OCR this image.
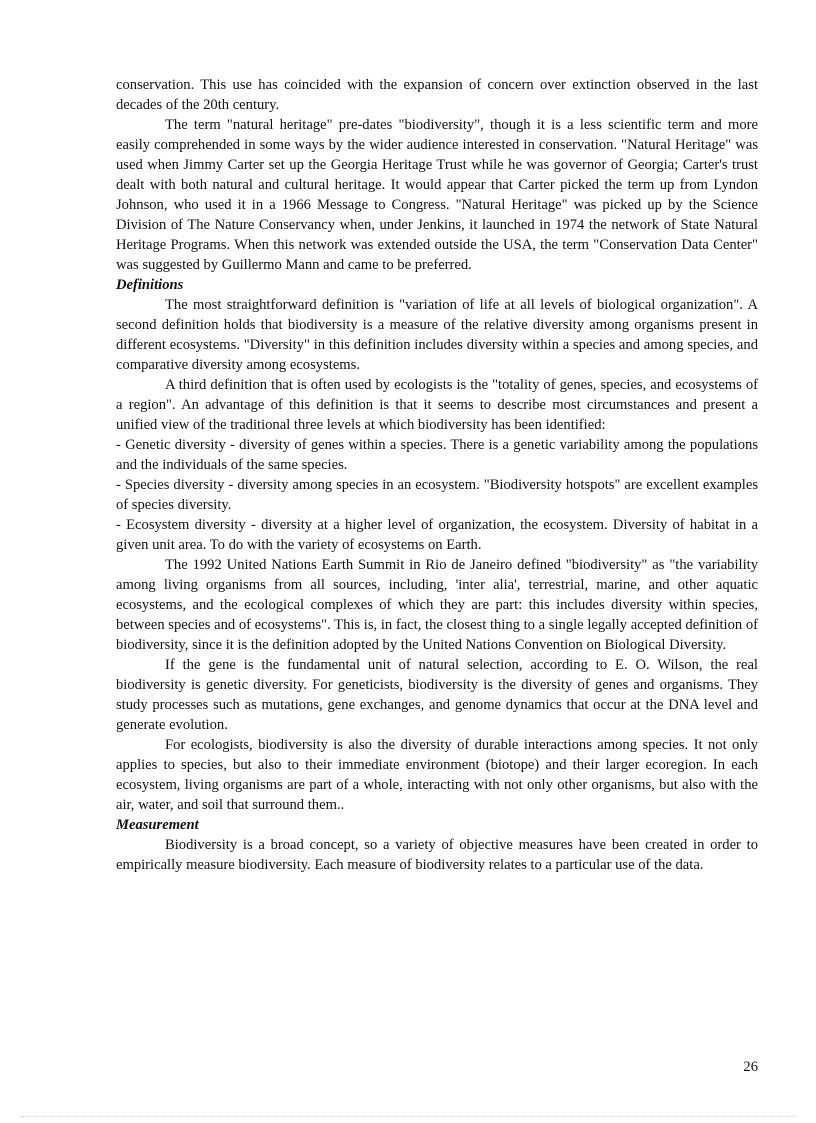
conservation. This use has coincided with the expansion of concern over extinction observed in the last decades of the 20th century.

The term "natural heritage" pre-dates "biodiversity", though it is a less scientific term and more easily comprehended in some ways by the wider audience interested in conservation. "Natural Heritage" was used when Jimmy Carter set up the Georgia Heritage Trust while he was governor of Georgia; Carter's trust dealt with both natural and cultural heritage. It would appear that Carter picked the term up from Lyndon Johnson, who used it in a 1966 Message to Congress. "Natural Heritage" was picked up by the Science Division of The Nature Conservancy when, under Jenkins, it launched in 1974 the network of State Natural Heritage Programs. When this network was extended outside the USA, the term "Conservation Data Center" was suggested by Guillermo Mann and came to be preferred.

Definitions

The most straightforward definition is "variation of life at all levels of biological organization". A second definition holds that biodiversity is a measure of the relative diversity among organisms present in different ecosystems. "Diversity" in this definition includes diversity within a species and among species, and comparative diversity among ecosystems.

A third definition that is often used by ecologists is the "totality of genes, species, and ecosystems of a region". An advantage of this definition is that it seems to describe most circumstances and present a unified view of the traditional three levels at which biodiversity has been identified:

- Genetic diversity - diversity of genes within a species. There is a genetic variability among the populations and the individuals of the same species.

- Species diversity - diversity among species in an ecosystem. "Biodiversity hotspots" are excellent examples of species diversity.

- Ecosystem diversity - diversity at a higher level of organization, the ecosystem. Diversity of habitat in a given unit area. To do with the variety of ecosystems on Earth.

The 1992 United Nations Earth Summit in Rio de Janeiro defined "biodiversity" as "the variability among living organisms from all sources, including, 'inter alia', terrestrial, marine, and other aquatic ecosystems, and the ecological complexes of which they are part: this includes diversity within species, between species and of ecosystems". This is, in fact, the closest thing to a single legally accepted definition of biodiversity, since it is the definition adopted by the United Nations Convention on Biological Diversity.

If the gene is the fundamental unit of natural selection, according to E. O. Wilson, the real biodiversity is genetic diversity. For geneticists, biodiversity is the diversity of genes and organisms. They study processes such as mutations, gene exchanges, and genome dynamics that occur at the DNA level and generate evolution.

For ecologists, biodiversity is also the diversity of durable interactions among species. It not only applies to species, but also to their immediate environment (biotope) and their larger ecoregion. In each ecosystem, living organisms are part of a whole, interacting with not only other organisms, but also with the air, water, and soil that surround them..

Measurement

Biodiversity is a broad concept, so a variety of objective measures have been created in order to empirically measure biodiversity. Each measure of biodiversity relates to a particular use of the data.

26
